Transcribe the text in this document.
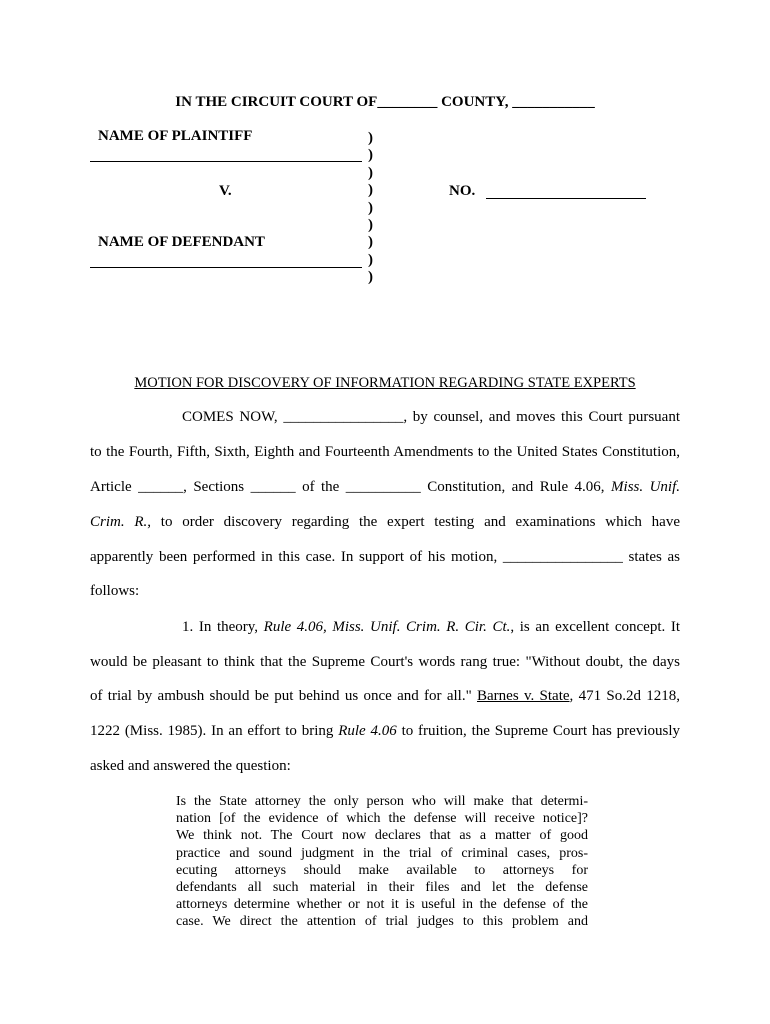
IN THE CIRCUIT COURT OF________ COUNTY, ___________
NAME OF PLAINTIFF
V.
NAME OF DEFENDANT
)
)
)
)
)
)
)
)
)
NO.
MOTION FOR DISCOVERY OF INFORMATION REGARDING STATE EXPERTS
COMES NOW, ________________, by counsel, and moves this Court pursuant
to the Fourth, Fifth, Sixth, Eighth and Fourteenth Amendments to the United States Constitution,
Article ______, Sections ______ of the __________ Constitution, and Rule 4.06, Miss. Unif.
Crim. R., to order discovery regarding the expert testing and examinations which have
apparently been performed in this case. In support of his motion, ________________ states as
follows:
1. In theory, Rule 4.06, Miss. Unif. Crim. R. Cir. Ct., is an excellent concept. It
would be pleasant to think that the Supreme Court's words rang true: "Without doubt, the days
of trial by ambush should be put behind us once and for all." Barnes v. State, 471 So.2d 1218,
1222 (Miss. 1985). In an effort to bring Rule 4.06 to fruition, the Supreme Court has previously
asked and answered the question:
Is the State attorney the only person who will make that determi-
nation [of the evidence of which the defense will receive notice]?
We think not. The Court now declares that as a matter of good
practice and sound judgment in the trial of criminal cases, pros-
ecuting attorneys should make available to attorneys for
defendants all such material in their files and let the defense
attorneys determine whether or not it is useful in the defense of the
case. We direct the attention of trial judges to this problem and
